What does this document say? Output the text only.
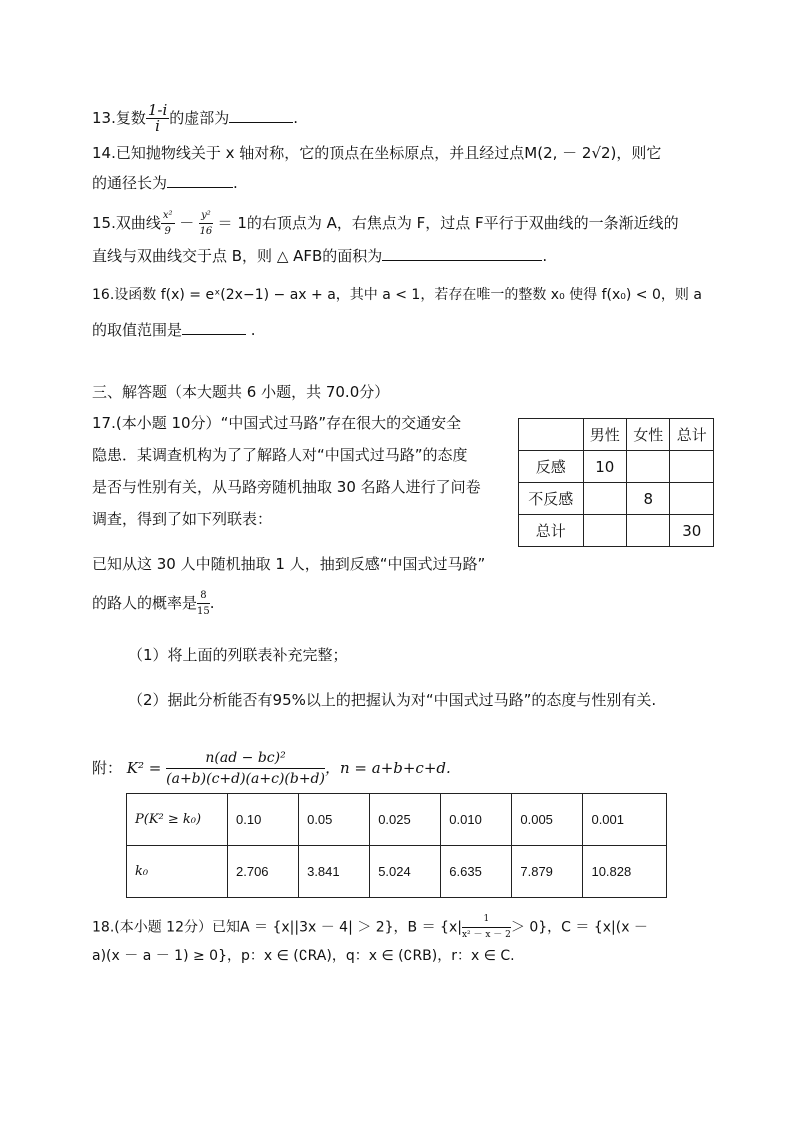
13.复数 $\frac{1-i}{i}$ 的虚部为	.
14.已知抛物线关于 x 轴对称，它的顶点在坐标原点，并且经过点M(2, － 2√2)，则它
的通径长为	.
15.双曲线 $\frac{\text{x²}}{9} - \frac{\text{y²}}{16} = 1$的右顶点为 A，右焦点为 F，过点 F平行于双曲线的一条渐近线的
直线与双曲线交于点 B，则 △ AFB的面积为	.
16.设函数 f(x) = eˣ(2x−1) − ax + a，其中 a < 1，若存在唯一的整数 x₀ 使得 f(x₀) < 0，则 a
的取值范围是	.
三、解答题（本大题共 6 小题，共 70.0分）
17.(本小题 10分）“中国式过马路”存在很大的交通安全
隐患．某调查机构为了了解路人对“中国式过马路”的态度
是否与性别有关，从马路旁随机抽取 30 名路人进行了问卷
调查，得到了如下列联表：
	男性	女性	总计
反感	10		
不反感		8	
总计			30
已知从这 30 人中随机抽取 1 人，抽到反感“中国式过马路”
的路人的概率是 $\frac{8}{15}$ .
（1）将上面的列联表补充完整；
（2）据此分析能否有95%以上的把握认为对“中国式过马路”的态度与性别有关.
附： $K^2 = \frac{\text{n(ad − bc)²}}{(a+b)(c+d)(a+c)(b+d)}$ ，n = a+b+c+d.
P(K² ≥ k₀)	0.10	0.05	0.025	0.010	0.005	0.001
k₀	2.706	3.841	5.024	6.635	7.879	10.828
18.(本小题 12分）已知A ＝ {x||3x － 4| ＞ 2}，$B = \{x| \frac{1}{\text{x² － x － 2}} > 0\}$，C ＝ {x|(x －
a)(x － a － 1) ≥ 0}，p：x ∈ (∁RA)，q：x ∈ (∁RB)，r：x ∈ C.
